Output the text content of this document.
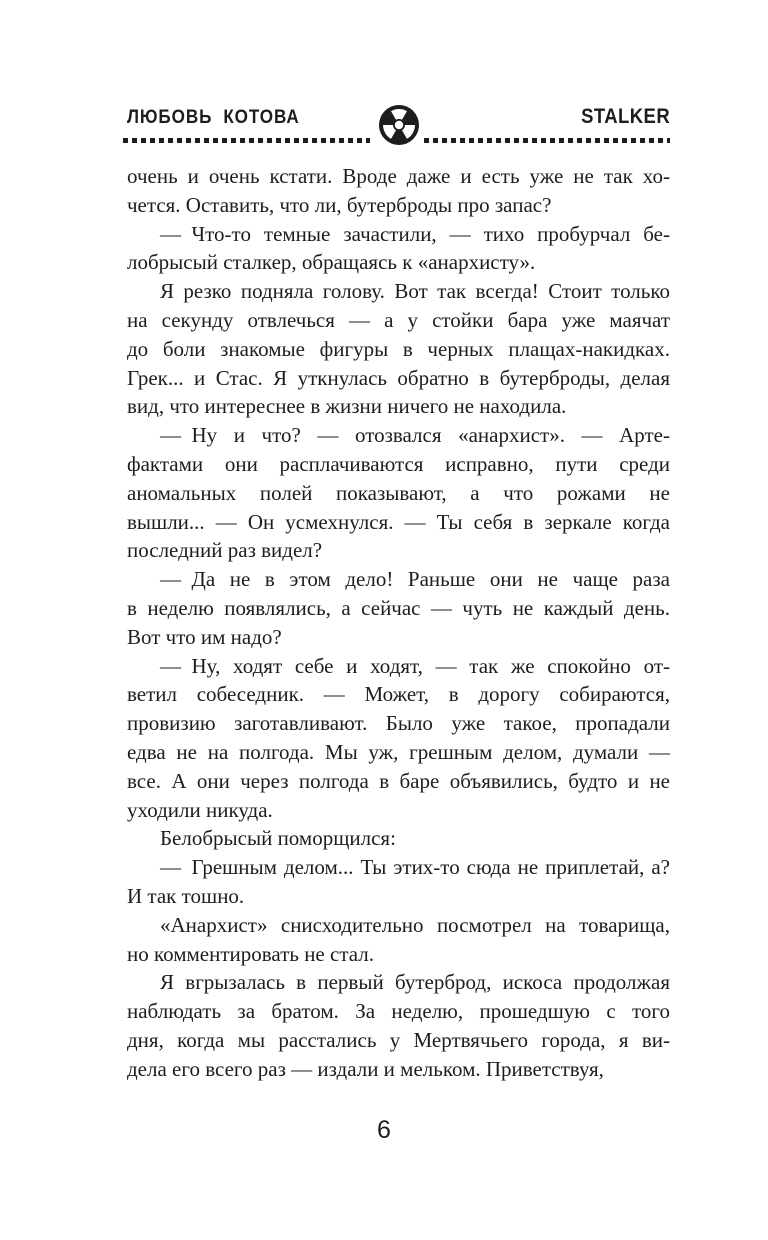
ЛЮБОВЬ КОТОВА	STALKER
очень и очень кстати. Вроде даже и есть уже не так хо-
чется. Оставить, что ли, бутерброды про запас?
— Что-то темные зачастили, — тихо пробурчал бе-
лобрысый сталкер, обращаясь к «анархисту».
Я резко подняла голову. Вот так всегда! Стоит только
на секунду отвлечься — а у стойки бара уже маячат
до боли знакомые фигуры в черных плащах-накидках.
Грек... и Стас. Я уткнулась обратно в бутерброды, делая
вид, что интереснее в жизни ничего не находила.
— Ну и что? — отозвался «анархист». — Арте-
фактами они расплачиваются исправно, пути среди
аномальных полей показывают, а что рожами не
вышли... — Он усмехнулся. — Ты себя в зеркале когда
последний раз видел?
— Да не в этом дело! Раньше они не чаще раза
в неделю появлялись, а сейчас — чуть не каждый день.
Вот что им надо?
— Ну, ходят себе и ходят, — так же спокойно от-
ветил собеседник. — Может, в дорогу собираются,
провизию заготавливают. Было уже такое, пропадали
едва не на полгода. Мы уж, грешным делом, думали —
все. А они через полгода в баре объявились, будто и не
уходили никуда.
Белобрысый поморщился:
— Грешным делом... Ты этих-то сюда не приплетай, а?
И так тошно.
«Анархист» снисходительно посмотрел на товарища,
но комментировать не стал.
Я вгрызалась в первый бутерброд, искоса продолжая
наблюдать за братом. За неделю, прошедшую с того
дня, когда мы расстались у Мертвячьего города, я ви-
дела его всего раз — издали и мельком. Приветствуя,
6
